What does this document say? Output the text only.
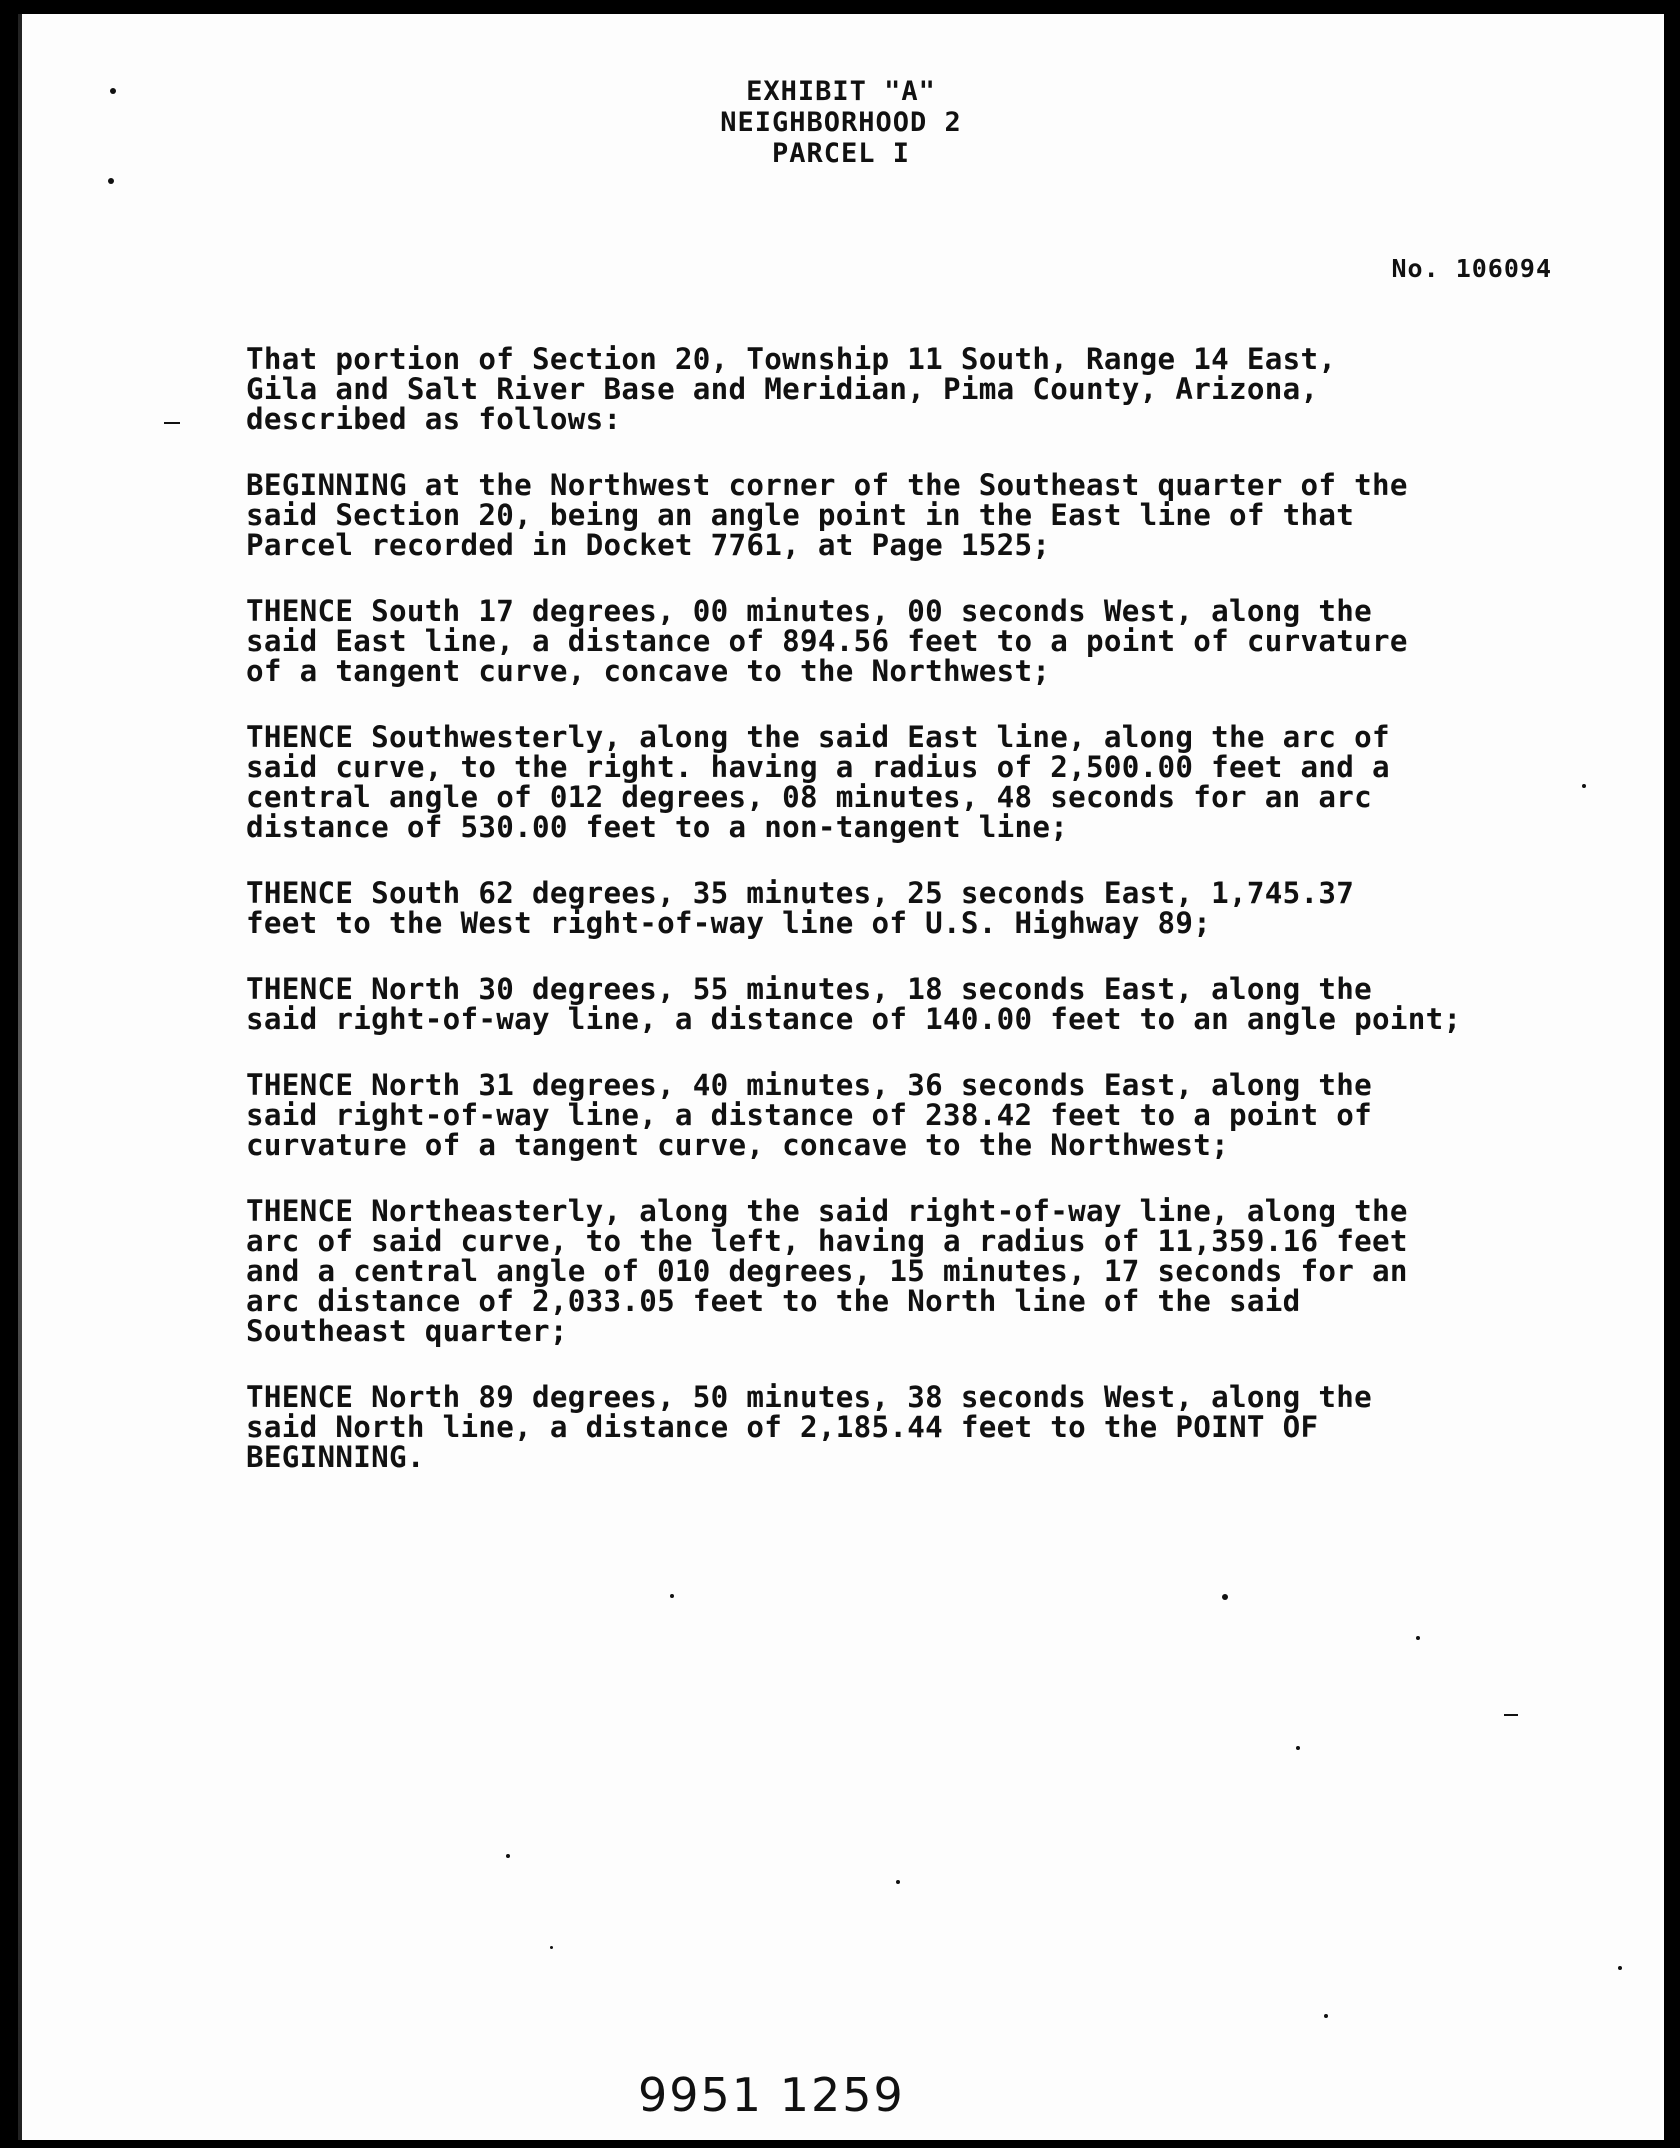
EXHIBIT "A"
NEIGHBORHOOD 2
PARCEL I
No. 106094

That portion of Section 20, Township 11 South, Range 14 East,
Gila and Salt River Base and Meridian, Pima County, Arizona,
described as follows:

BEGINNING at the Northwest corner of the Southeast quarter of the
said Section 20, being an angle point in the East line of that
Parcel recorded in Docket 7761, at Page 1525;

THENCE South 17 degrees, 00 minutes, 00 seconds West, along the
said East line, a distance of 894.56 feet to a point of curvature
of a tangent curve, concave to the Northwest;

THENCE Southwesterly, along the said East line, along the arc of
said curve, to the right. having a radius of 2,500.00 feet and a
central angle of 012 degrees, 08 minutes, 48 seconds for an arc
distance of 530.00 feet to a non-tangent line;

THENCE South 62 degrees, 35 minutes, 25 seconds East, 1,745.37
feet to the West right-of-way line of U.S. Highway 89;

THENCE North 30 degrees, 55 minutes, 18 seconds East, along the
said right-of-way line, a distance of 140.00 feet to an angle point;

THENCE North 31 degrees, 40 minutes, 36 seconds East, along the
said right-of-way line, a distance of 238.42 feet to a point of
curvature of a tangent curve, concave to the Northwest;

THENCE Northeasterly, along the said right-of-way line, along the
arc of said curve, to the left, having a radius of 11,359.16 feet
and a central angle of 010 degrees, 15 minutes, 17 seconds for an
arc distance of 2,033.05 feet to the North line of the said
Southeast quarter;

THENCE North 89 degrees, 50 minutes, 38 seconds West, along the
said North line, a distance of 2,185.44 feet to the POINT OF
BEGINNING.

9951 1259
